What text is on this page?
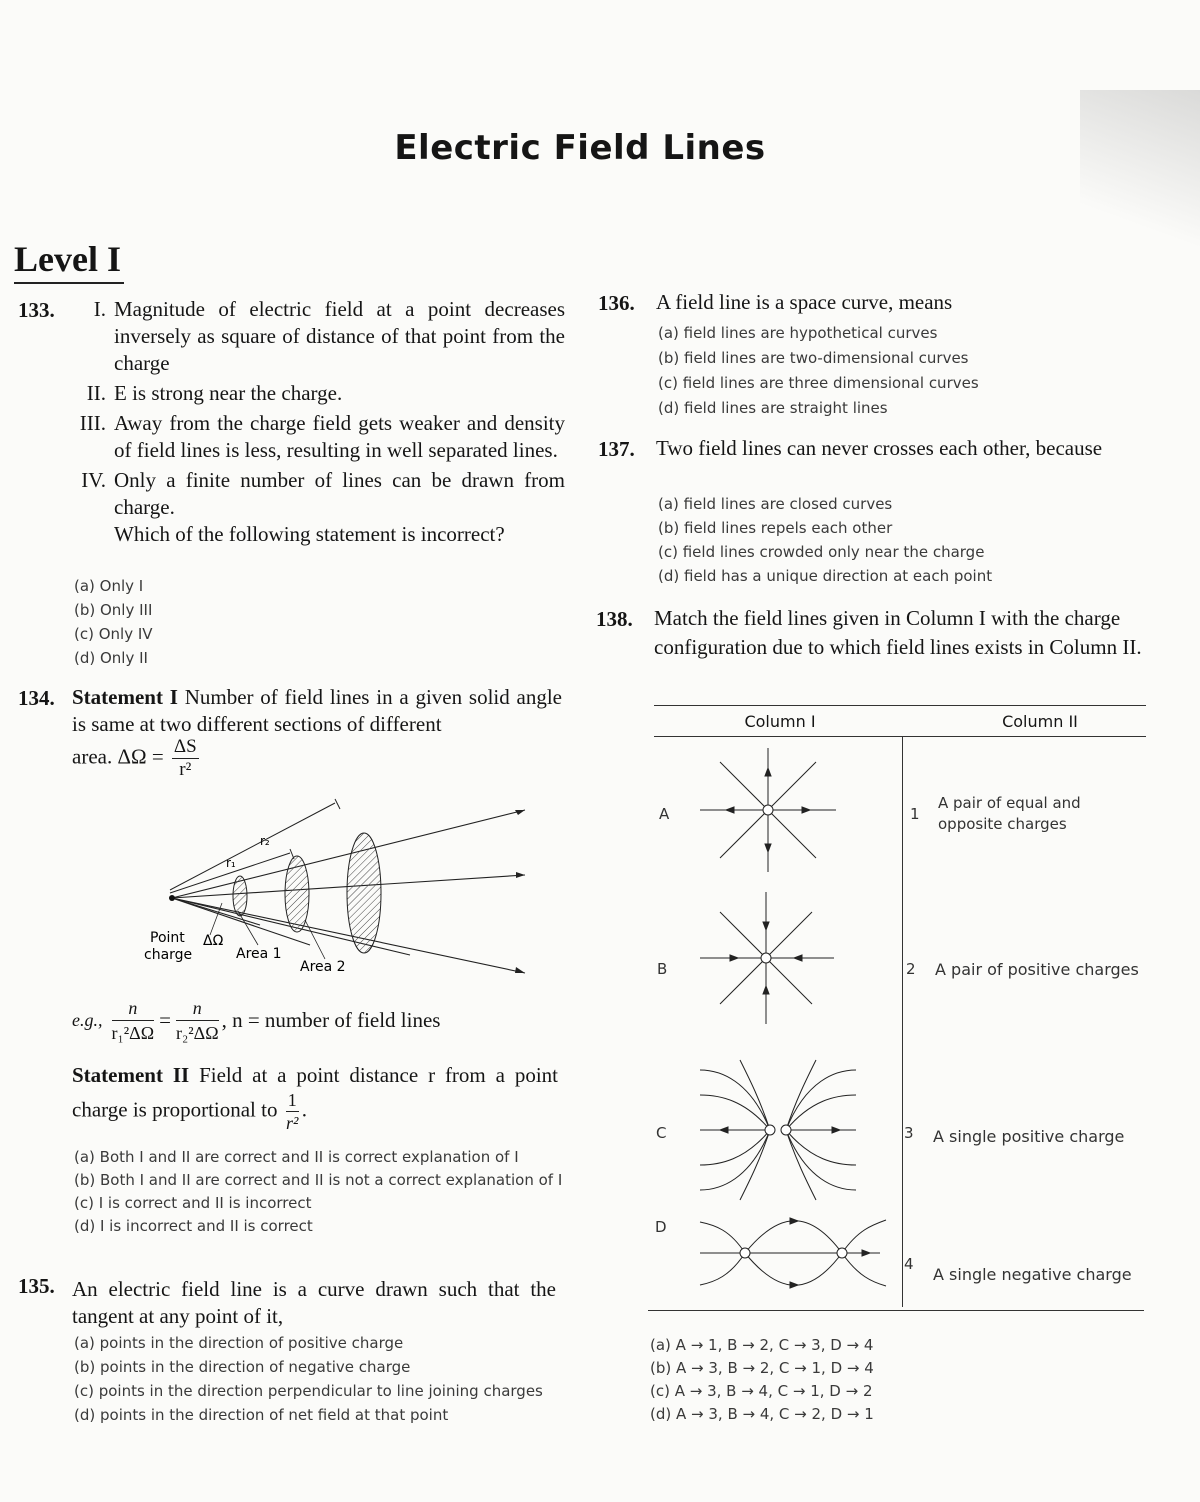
Electric Field Lines
Level I
133.	I. Magnitude of electric field at a point decreases inversely as square of distance of that point from the charge
II. E is strong near the charge.
III. Away from the charge field gets weaker and density of field lines is less, resulting in well separated lines.
IV. Only a finite number of lines can be drawn from charge.
Which of the following statement is incorrect?
(a) Only I
(b) Only III
(c) Only IV
(d) Only II
134. Statement I Number of field lines in a given solid angle is same at two different sections of different
area. $\Delta\Omega = \frac{\Delta S}{\text{r²}}$
r₂
r₁
Point
charge
ΔΩ
Area 1
Area 2
e.g., $\frac{n}{\text{r₁²ΔΩ}} = \frac{n}{\text{r₂²ΔΩ}}$ , n = number of field lines
Statement II Field at a point distance r from a point charge is proportional to $\frac{1}{\text{r²}}$ .
(a) Both I and II are correct and II is correct explanation of I
(b) Both I and II are correct and II is not a correct explanation of I
(c) I is correct and II is incorrect
(d) I is incorrect and II is correct
135. An electric field line is a curve drawn such that the tangent at any point of it,
(a) points in the direction of positive charge
(b) points in the direction of negative charge
(c) points in the direction perpendicular to line joining charges
(d) points in the direction of net field at that point
136. A field line is a space curve, means
(a) field lines are hypothetical curves
(b) field lines are two-dimensional curves
(c) field lines are three dimensional curves
(d) field lines are straight lines
137. Two field lines can never crosses each other, because
(a) field lines are closed curves
(b) field lines repels each other
(c) field lines crowded only near the charge
(d) field has a unique direction at each point
138. Match the field lines given in Column I with the charge configuration due to which field lines exists in Column II.
Column I	Column II
A
B
C
D
1
A pair of equal and opposite charges
2 A pair of positive charges
3 A single positive charge
4
A single negative charge
(a) A → 1, B → 2, C → 3, D → 4
(b) A → 3, B → 2, C → 1, D → 4
(c) A → 3, B → 4, C → 1, D → 2
(d) A → 3, B → 4, C → 2, D → 1
